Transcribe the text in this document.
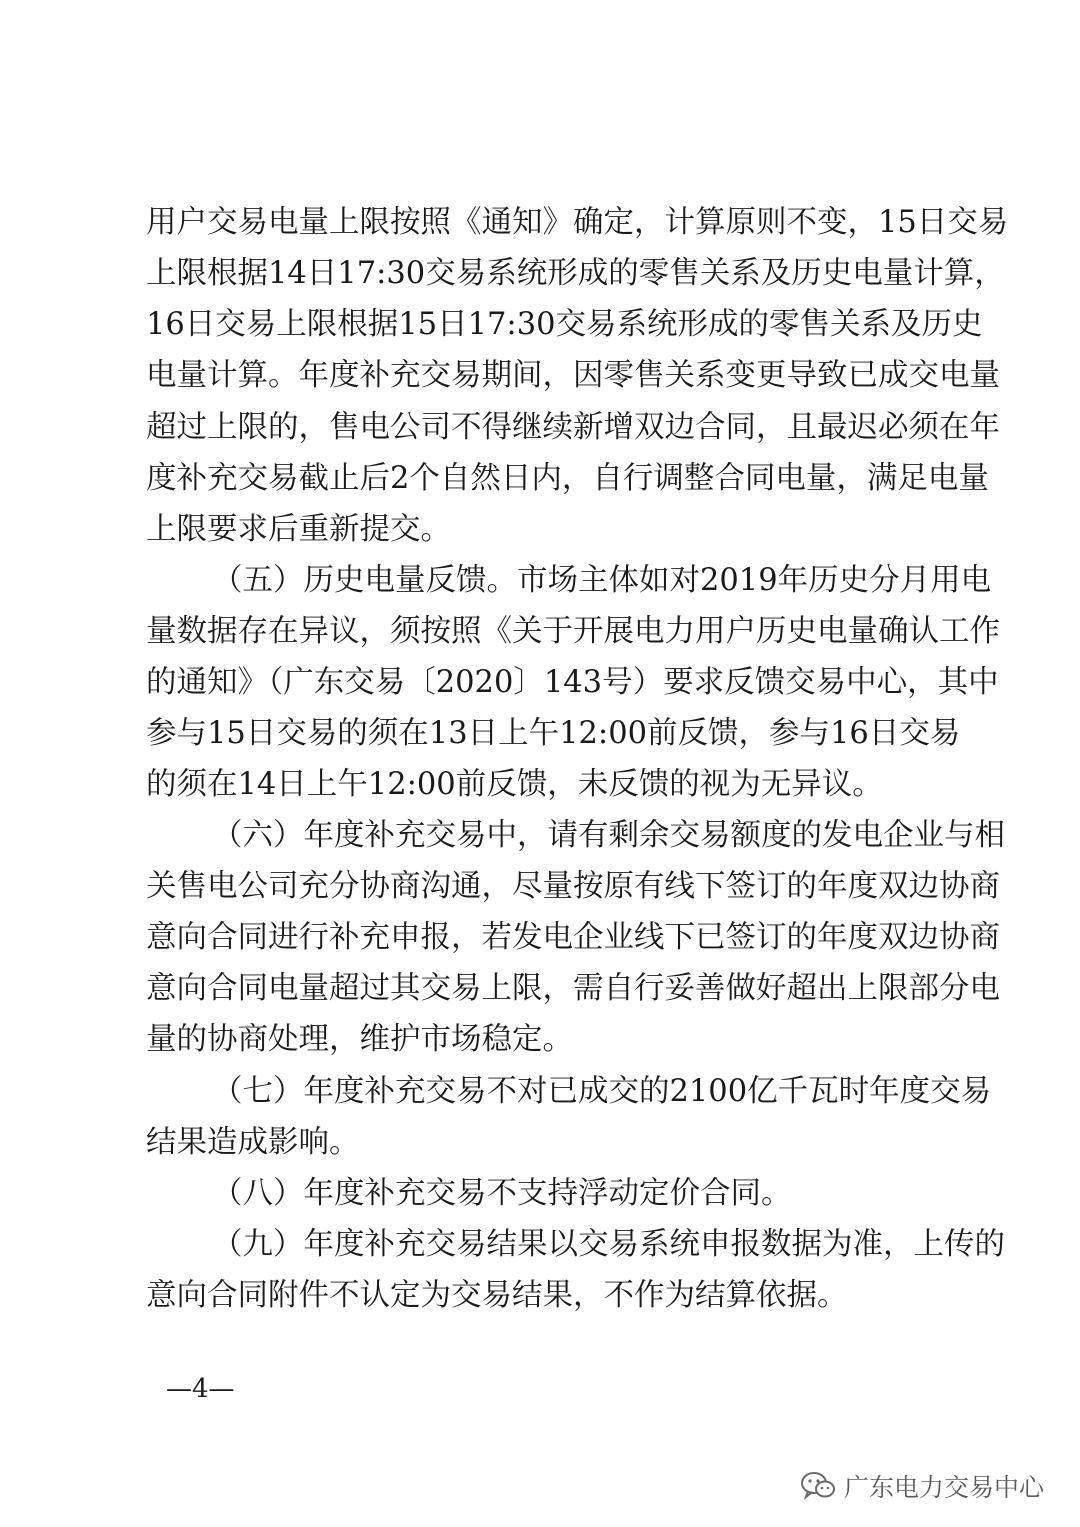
用户交易电量上限按照《通知》确定，计算原则不变，15日交易
上限根据14日17:30交易系统形成的零售关系及历史电量计算，
16日交易上限根据15日17:30交易系统形成的零售关系及历史
电量计算。年度补充交易期间，因零售关系变更导致已成交电量
超过上限的，售电公司不得继续新增双边合同，且最迟必须在年
度补充交易截止后2个自然日内，自行调整合同电量，满足电量
上限要求后重新提交。
（五）历史电量反馈。市场主体如对2019年历史分月用电
量数据存在异议，须按照《关于开展电力用户历史电量确认工作
的通知》（广东交易〔2020〕143号）要求反馈交易中心，其中
参与15日交易的须在13日上午12:00前反馈，参与16日交易
的须在14日上午12:00前反馈，未反馈的视为无异议。
（六）年度补充交易中，请有剩余交易额度的发电企业与相
关售电公司充分协商沟通，尽量按原有线下签订的年度双边协商
意向合同进行补充申报，若发电企业线下已签订的年度双边协商
意向合同电量超过其交易上限，需自行妥善做好超出上限部分电
量的协商处理，维护市场稳定。
（七）年度补充交易不对已成交的2100亿千瓦时年度交易
结果造成影响。
（八）年度补充交易不支持浮动定价合同。
（九）年度补充交易结果以交易系统申报数据为准，上传的
意向合同附件不认定为交易结果，不作为结算依据。
—4—
广东电力交易中心
